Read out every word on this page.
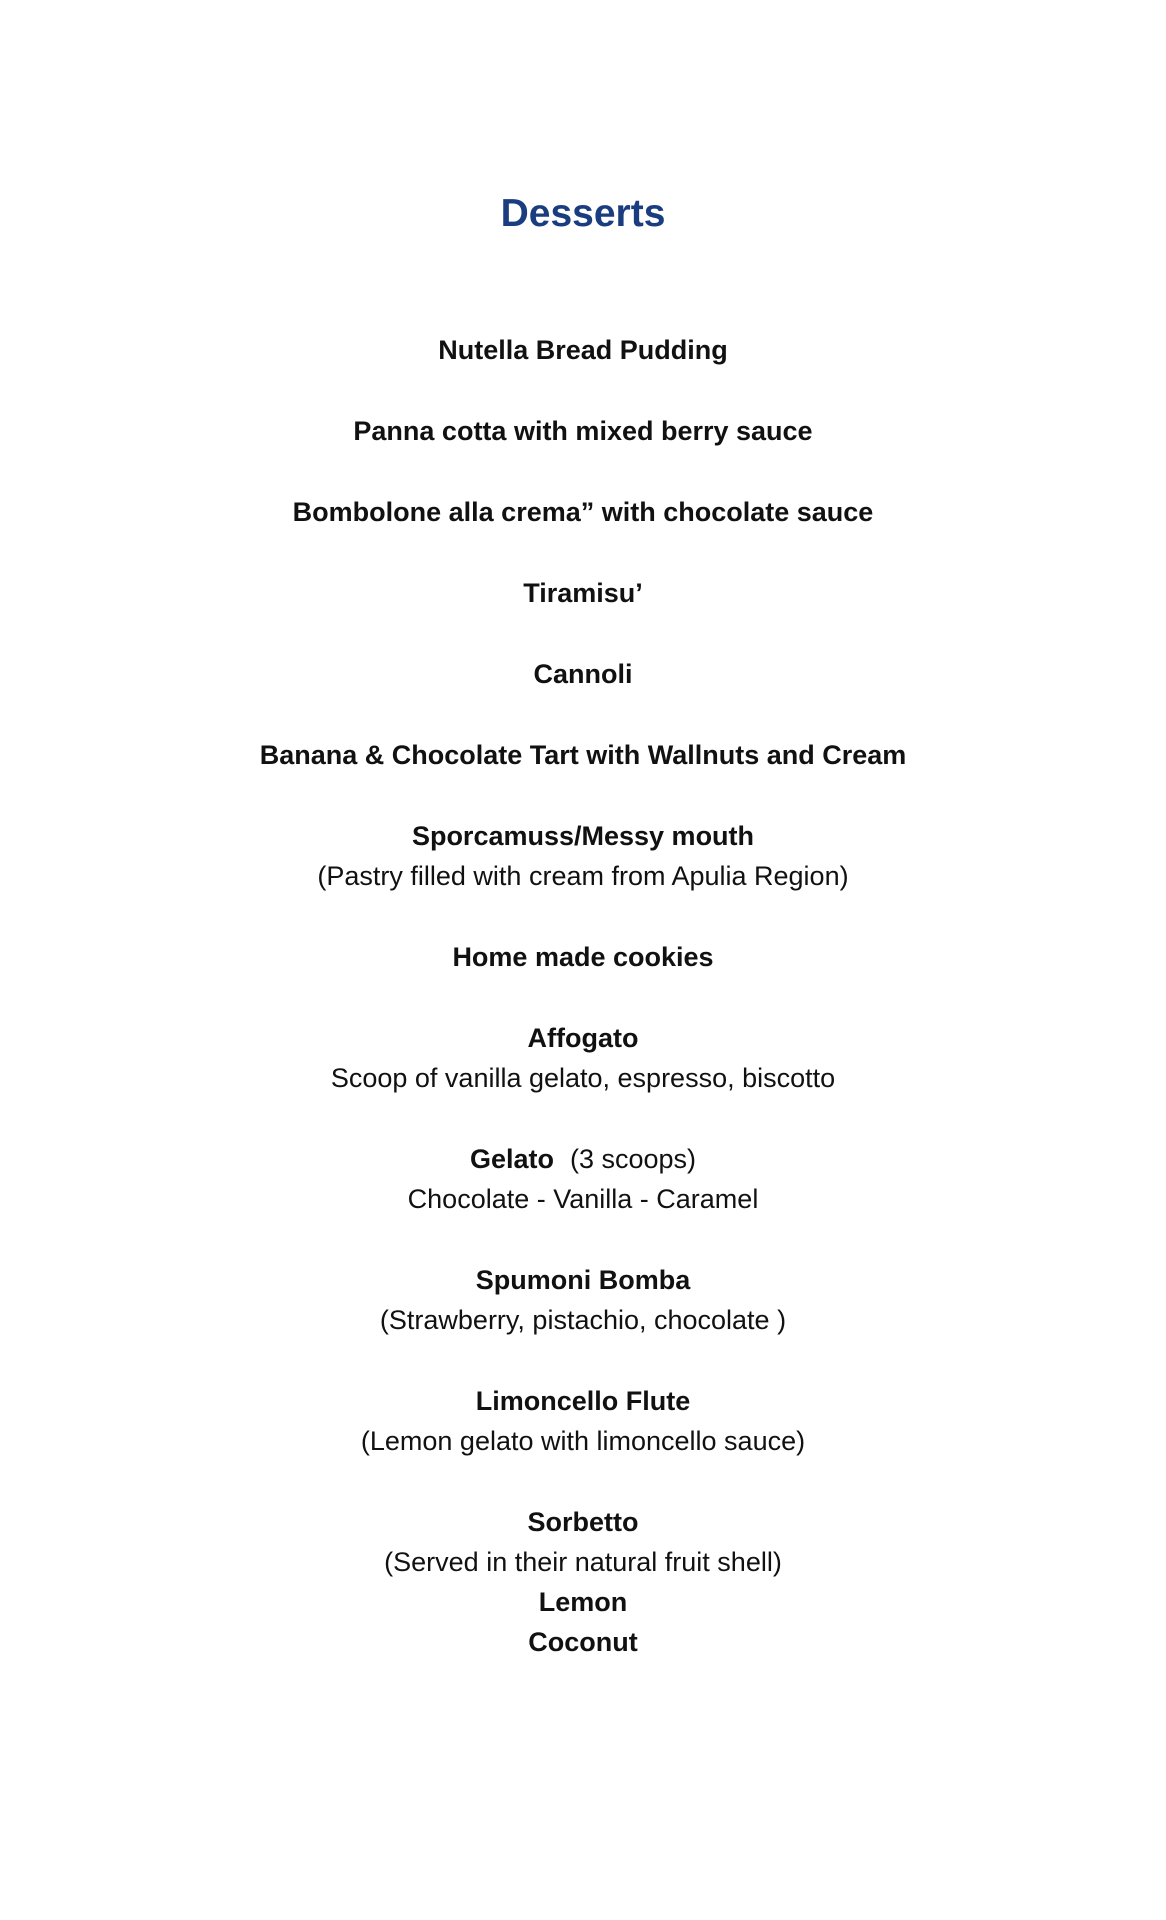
Desserts
Nutella Bread Pudding
Panna cotta with mixed berry sauce
Bombolone alla crema” with chocolate sauce
Tiramisu’
Cannoli
Banana & Chocolate Tart with Wallnuts and Cream
Sporcamuss/Messy mouth
(Pastry filled with cream from Apulia Region)
Home made cookies
Affogato
Scoop of vanilla gelato, espresso, biscotto
Gelato (3 scoops)
Chocolate - Vanilla - Caramel
Spumoni Bomba
(Strawberry, pistachio, chocolate )
Limoncello Flute
(Lemon gelato with limoncello sauce)
Sorbetto
(Served in their natural fruit shell)
Lemon
Coconut
